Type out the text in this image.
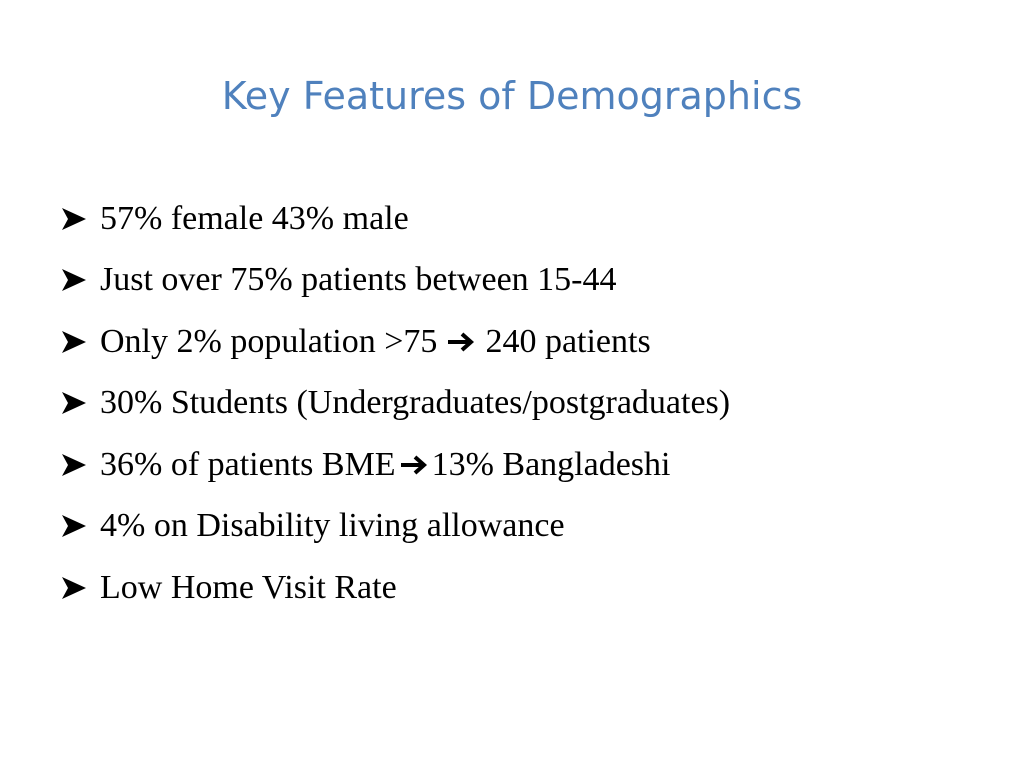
Key Features of Demographics
57% female 43% male
Just over 75% patients between 15-44
Only 2% population >75 240 patients
30% Students (Undergraduates/postgraduates)
36% of patients BME 13% Bangladeshi
4% on Disability living allowance
Low Home Visit Rate
